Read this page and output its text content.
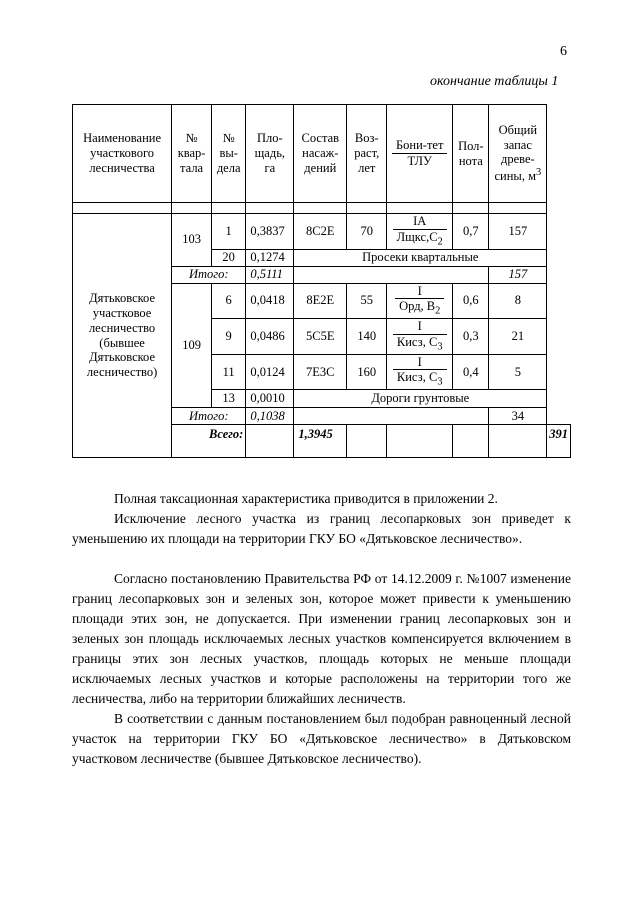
6
окончание таблицы 1
Наименование участкового лесничества	№ квар-тала	№ вы-дела	Пло-щадь, га	Состав насаж-дений	Воз-раст, лет	$\frac{\text{Бони-тет}}{\text{ТЛУ}}$	Пол-нота	Общий запас древе-сины, $м^3$

Дятьковское участковое лесничество (бывшее Дятьковское лесничество)	103	1	0,3837	8С2Е	70	$\frac{IА}{Лщкс,С_2}$	0,7	157	
		20	0,1274	Просеки квартальные					
	Итого:		0,5111					157	
	109	6	0,0418	8Е2Е	55	$\frac{I}{Орд, В_2}$	0,6	8	
		9	0,0486	5С5Е	140	$\frac{I}{Кисз, С_3}$	0,3	21	
		11	0,0124	7Е3С	160	$\frac{I}{Кисз, С_3}$	0,4	5	
		13	0,0010	Дороги грунтовые					
	Итого:		0,1038					34	
	Всего:			1,3945					391

Полная таксационная характеристика приводится в приложении 2.

Исключение лесного участка из границ лесопарковых зон приведет к уменьшению их площади на территории ГКУ БО «Дятьковское лесничество».

Согласно постановлению Правительства РФ от 14.12.2009 г. №1007 изменение границ лесопарковых зон и зеленых зон, которое может привести к уменьшению площади этих зон, не допускается. При изменении границ лесопарковых зон и зеленых зон площадь исключаемых лесных участков компенсируется включением в границы этих зон лесных участков, площадь которых не меньше площади исключаемых лесных участков и которые расположены на территории того же лесничества, либо на территории ближайших лесничеств.

В соответствии с данным постановлением был подобран равноценный лесной участок на территории ГКУ БО «Дятьковское лесничество» в Дятьковском участковом лесничестве (бывшее Дятьковское лесничество).
